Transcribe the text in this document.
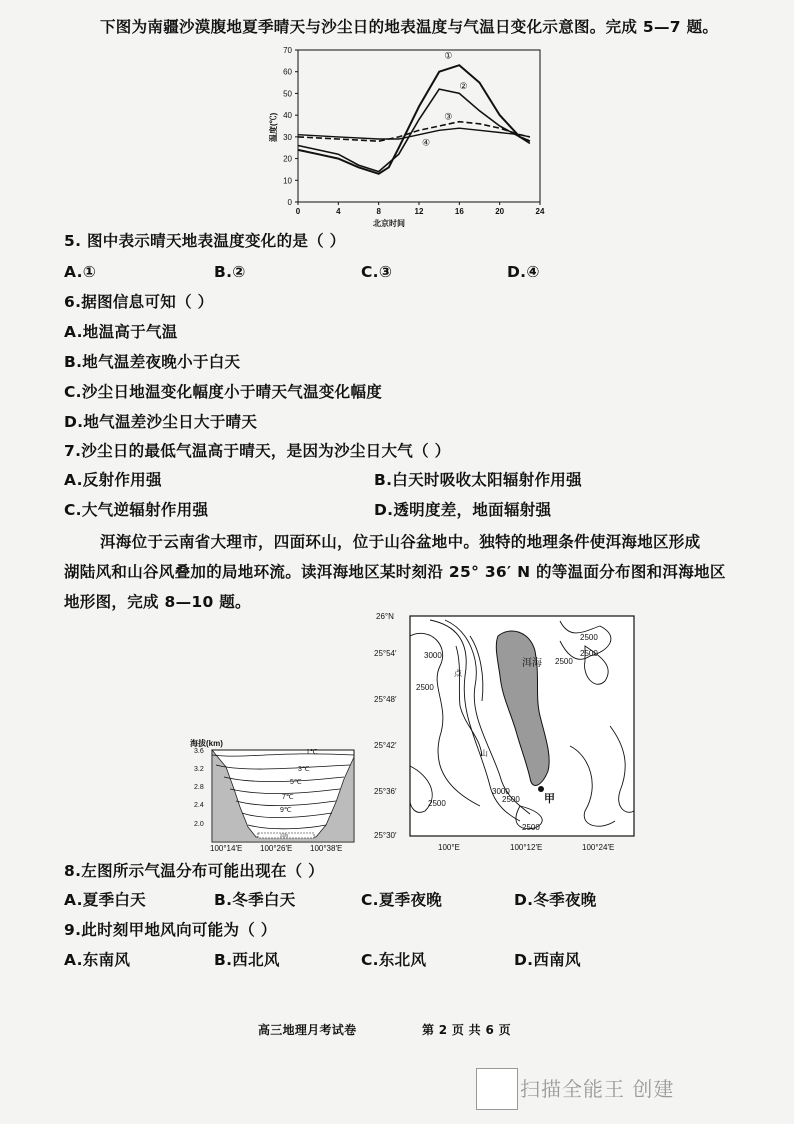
下图为南疆沙漠腹地夏季晴天与沙尘日的地表温度与气温日变化示意图。完成 5—7 题。
0
10
20
30
40
50
60
70
0	4	8	12	16	20	24
温度(℃)
北京时间
①
②
③
④
5. 图中表示晴天地表温度变化的是（ ）
A.①	B.②	C.③	D.④
6.据图信息可知（ ）
A.地温高于气温
B.地气温差夜晚小于白天
C.沙尘日地温变化幅度小于晴天气温变化幅度
D.地气温差沙尘日大于晴天
7.沙尘日的最低气温高于晴天，是因为沙尘日大气（ ）
A.反射作用强	B.白天时吸收太阳辐射作用强
C.大气逆辐射作用强	D.透明度差，地面辐射强
洱海位于云南省大理市，四面环山，位于山谷盆地中。独特的地理条件使洱海地区形成
湖陆风和山谷风叠加的局地环流。读洱海地区某时刻沿 25° 36′ N 的等温面分布图和洱海地区
地形图，完成 8—10 题。
海拔(km)
洱海
1℃
3℃
5℃
7℃
9℃
3.6
3.2
2.8
2.4
2.0
100°14′E 100°26′E 100°38′E
洱海
甲
点
山
3000
2500
2500
2500
2500
3000
2500
2500
2500
26°N
25°54′
25°48′
25°42′
25°36′
25°30′
100°E	100°12′E	100°24′E
8.左图所示气温分布可能出现在（ ）
A.夏季白天	B.冬季白天	C.夏季夜晚	D.冬季夜晚
9.此时刻甲地风向可能为（ ）
A.东南风	B.西北风	C.东北风	D.西南风
高三地理月考试卷	第 2 页 共 6 页
扫描全能王 创建
